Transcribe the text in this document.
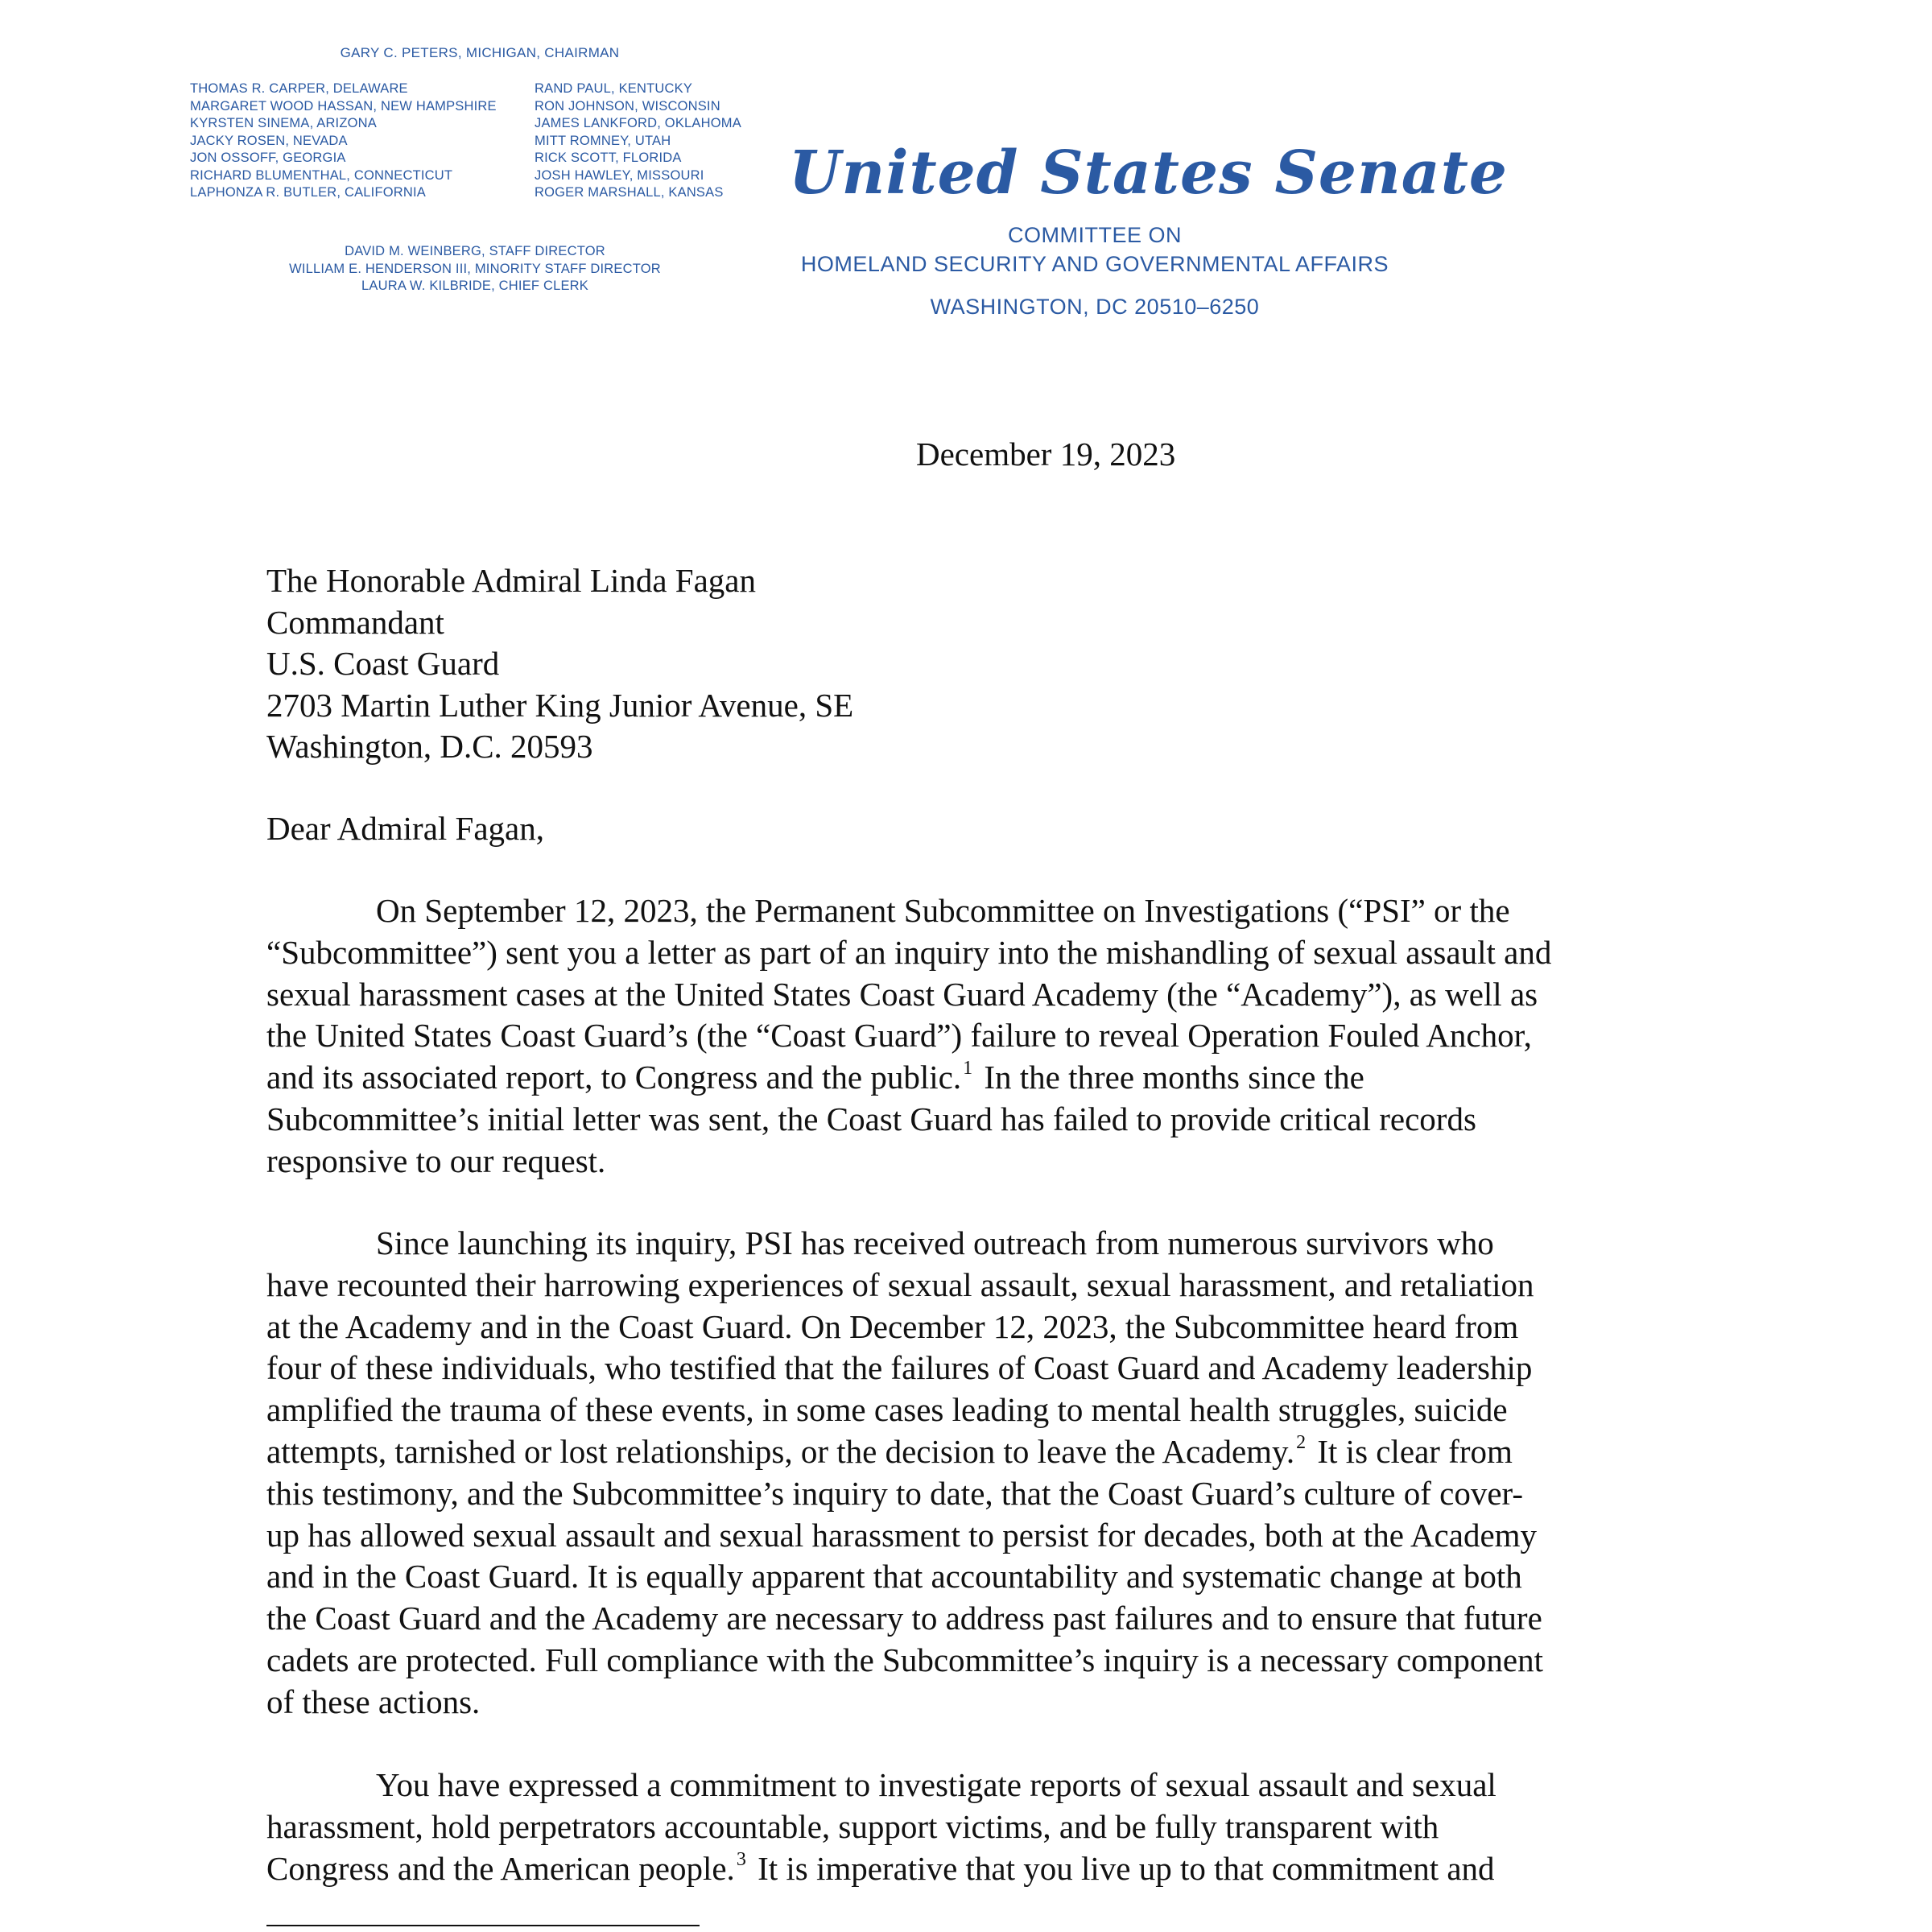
GARY C. PETERS, MICHIGAN, CHAIRMAN
THOMAS R. CARPER, DELAWARE
MARGARET WOOD HASSAN, NEW HAMPSHIRE
KYRSTEN SINEMA, ARIZONA
JACKY ROSEN, NEVADA
JON OSSOFF, GEORGIA
RICHARD BLUMENTHAL, CONNECTICUT
LAPHONZA R. BUTLER, CALIFORNIA
RAND PAUL, KENTUCKY
RON JOHNSON, WISCONSIN
JAMES LANKFORD, OKLAHOMA
MITT ROMNEY, UTAH
RICK SCOTT, FLORIDA
JOSH HAWLEY, MISSOURI
ROGER MARSHALL, KANSAS
DAVID M. WEINBERG, STAFF DIRECTOR
WILLIAM E. HENDERSON III, MINORITY STAFF DIRECTOR
LAURA W. KILBRIDE, CHIEF CLERK
United States Senate
COMMITTEE ON
HOMELAND SECURITY AND GOVERNMENTAL AFFAIRS
WASHINGTON, DC 20510–6250
December 19, 2023
The Honorable Admiral Linda Fagan
Commandant
U.S. Coast Guard
2703 Martin Luther King Junior Avenue, SE
Washington, D.C. 20593
Dear Admiral Fagan,
On September 12, 2023, the Permanent Subcommittee on Investigations (“PSI” or the
“Subcommittee”) sent you a letter as part of an inquiry into the mishandling of sexual assault and
sexual harassment cases at the United States Coast Guard Academy (the “Academy”), as well as
the United States Coast Guard’s (the “Coast Guard”) failure to reveal Operation Fouled Anchor,
and its associated report, to Congress and the public.$^1$ In the three months since the
Subcommittee’s initial letter was sent, the Coast Guard has failed to provide critical records
responsive to our request.
Since launching its inquiry, PSI has received outreach from numerous survivors who
have recounted their harrowing experiences of sexual assault, sexual harassment, and retaliation
at the Academy and in the Coast Guard. On December 12, 2023, the Subcommittee heard from
four of these individuals, who testified that the failures of Coast Guard and Academy leadership
amplified the trauma of these events, in some cases leading to mental health struggles, suicide
attempts, tarnished or lost relationships, or the decision to leave the Academy.$^2$ It is clear from
this testimony, and the Subcommittee’s inquiry to date, that the Coast Guard’s culture of cover-
up has allowed sexual assault and sexual harassment to persist for decades, both at the Academy
and in the Coast Guard. It is equally apparent that accountability and systematic change at both
the Coast Guard and the Academy are necessary to address past failures and to ensure that future
cadets are protected. Full compliance with the Subcommittee’s inquiry is a necessary component
of these actions.
You have expressed a commitment to investigate reports of sexual assault and sexual
harassment, hold perpetrators accountable, support victims, and be fully transparent with
Congress and the American people.$^3$ It is imperative that you live up to that commitment and
